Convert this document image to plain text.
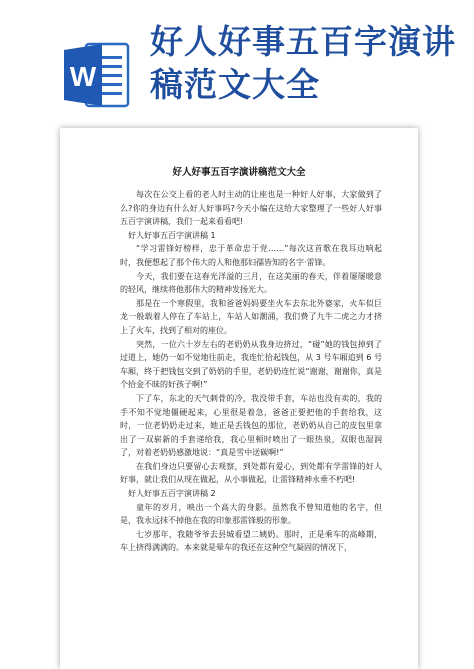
W
好人好事五百字演讲稿范文大全
好人好事五百字演讲稿范文大全

每次在公交上看的老人时主动的让座也是一种好人好事，大家做到了么?你的身边有什么好人好事吗?今天小编在这给大家整理了一些好人好事五百字演讲稿，我们一起来看看吧!

好人好事五百字演讲稿 1

“学习雷锋好榜样，忠于革命忠于党……”每次这首歌在我耳边响起时，我便想起了那个伟大的人和他那妇孺皆知的名字·雷锋。

今天，我们要在这春光洋溢的三月，在这美丽的春天，伴着屡屡暖意的轻风，继续将他那伟大的精神发扬光大。

那是在一个寒假里，我和爸爸妈妈要坐火车去东北外婆家，火车似巨龙一般载着人停在了车站上，车站人如潮涌，我们费了九牛二虎之力才挤上了火车，找到了相对的座位。

突然，一位六十岁左右的老奶奶从我身边挤过，“碰”她的钱包掉到了过道上，她仍一如不觉地往前走，我连忙拾起钱包，从 3 号车厢追到 6 号车厢，终于把钱包交到了奶奶的手里，老奶奶连忙说“谢谢，谢谢你，真是个拾金不昧的好孩子啊!”

下了车，东北的天气刺骨的冷，我没带手套，车站也没有卖的，我的手不知不觉地僵硬起来，心里很是着急，爸爸正要把他的手套给我，这时，一位老奶奶走过来，她正是丢钱包的那位，老奶奶从自己的皮包里拿出了一双崭新的手套递给我，我心里顿时喷出了一眼热泉，双眼也湿润了，对着老奶奶感激地说：“真是雪中送碳啊!”

在我们身边只要留心去观察，到处都有爱心，到处都有学雷锋的好人好事，就让我们从现在做起，从小事做起，让雷锋精神永垂不朽吧!

好人好事五百字演讲稿 2

童年的岁月，映出一个高大的身影。虽然我不曾知道他的名字，但是，我永远抹不掉他在我的印象那雷锋般的形象。

七岁那年，我随爷爷去县城看望二姨奶。那时，正是乘车的高峰期，车上挤得满满的。本来就是晕车的我还在这种空气凝固的情况下，
